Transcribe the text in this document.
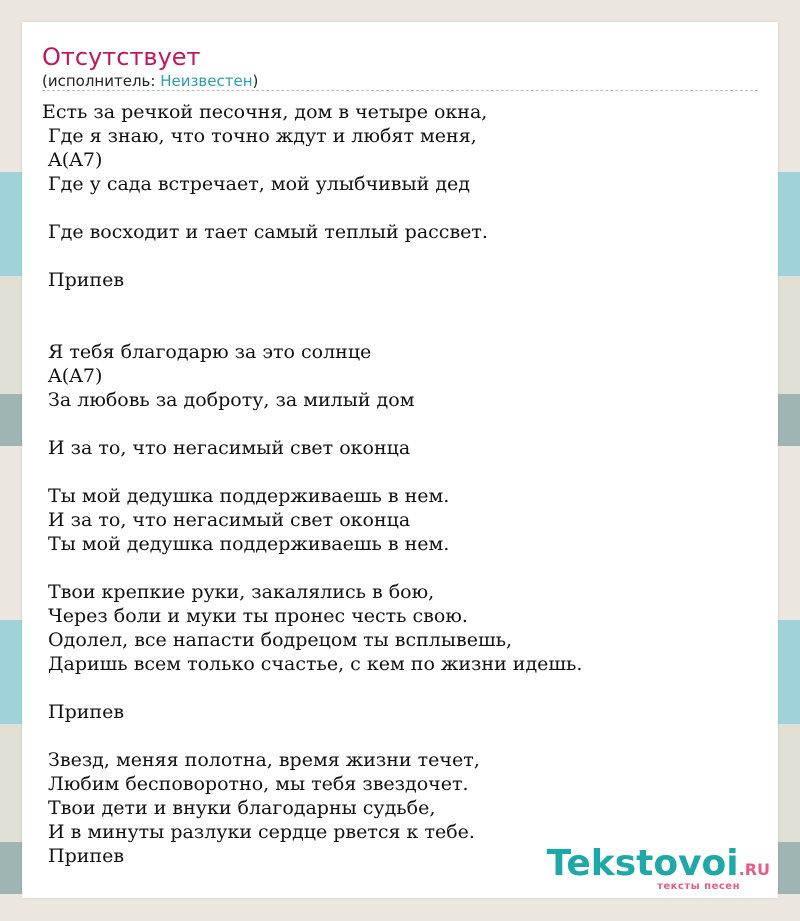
Отсутствует
(исполнитель: Неизвестен)
Есть за речкой песочня, дом в четыре окна,
Где я знаю, что точно ждут и любят меня,
A(A7)
Где у сада встречает, мой улыбчивый дед

Где восходит и тает самый теплый рассвет.

Припев

Я тебя благодарю за это солнце
A(A7)
За любовь за доброту, за милый дом

И за то, что негасимый свет оконца

Ты мой дедушка поддерживаешь в нем.
И за то, что негасимый свет оконца
Ты мой дедушка поддерживаешь в нем.

Твои крепкие руки, закалялись в бою,
Через боли и муки ты пронес честь свою.
Одолел, все напасти бодрецом ты всплывешь,
Даришь всем только счастье, с кем по жизни идешь.

Припев

Звезд, меняя полотна, время жизни течет,
Любим бесповоротно, мы тебя звездочет.
Твои дети и внуки благодарны судьбе,
И в минуты разлуки сердце рвется к тебе.
Припев	Tekstovoi.RU
тексты песен
